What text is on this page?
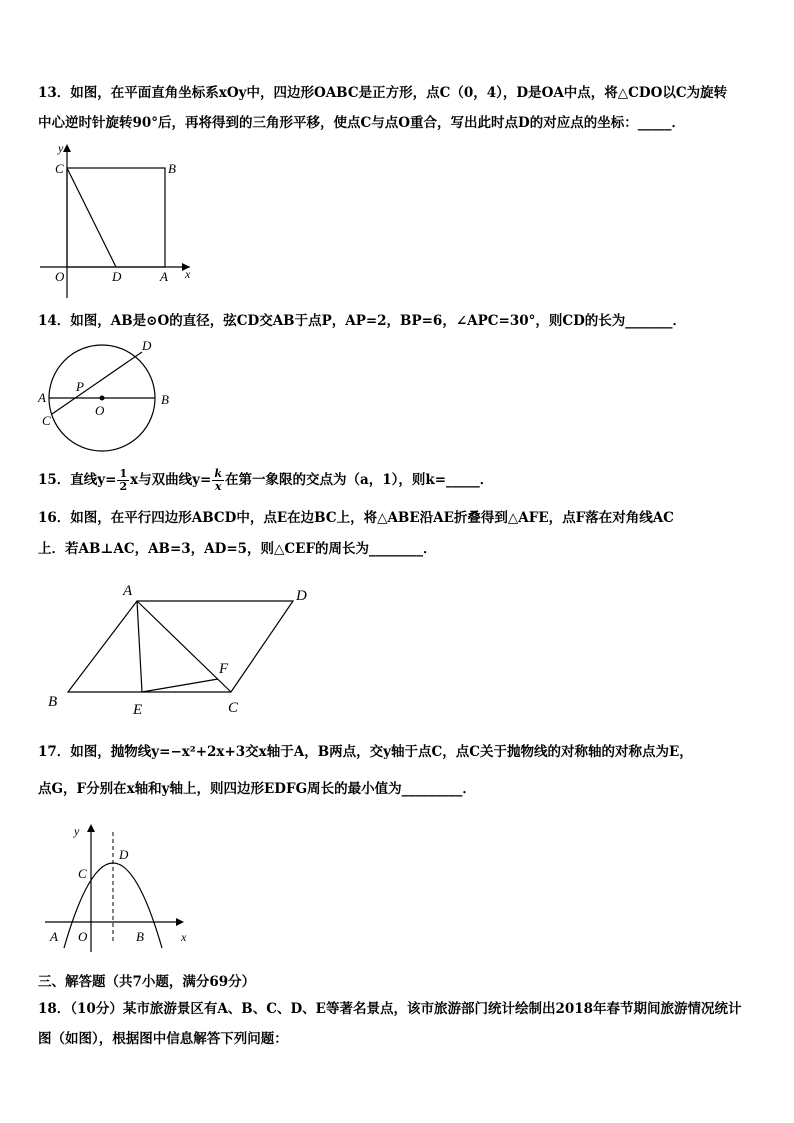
13．如图，在平面直角坐标系xOy中，四边形OABC是正方形，点C（0，4），D是OA中点，将△CDO以C为旋转
中心逆时针旋转90°后，再将得到的三角形平移，使点C与点O重合，写出此时点D的对应点的坐标：_____．
y
x
C	B
O	D	A
14．如图，AB是⊙O的直径，弦CD交AB于点P，AP=2，BP=6，∠APC=30°，则CD的长为_______．
A	B
C
D
P
O
15．直线$y= \frac{1}{2}$ x与双曲线$y= \frac{k}{x}$ 在第一象限的交点为（a，1），则k=_____．
16．如图，在平行四边形ABCD中，点E在边BC上，将△ABE沿AE折叠得到△AFE，点F落在对角线AC
上．若AB⊥AC，AB=3，AD=5，则△CEF的周长为________．
A	D
B	E	C
F
17．如图，抛物线y=−x²+2x+3交x轴于A，B两点，交y轴于点C，点C关于抛物线的对称轴的对称点为E，
点G，F分别在x轴和y轴上，则四边形EDFG周长的最小值为_________．
y
x
D
C
A O	B
三、解答题（共7小题，满分69分）
18．（10分）某市旅游景区有A、B、C、D、E等著名景点，该市旅游部门统计绘制出2018年春节期间旅游情况统计
图（如图），根据图中信息解答下列问题：
